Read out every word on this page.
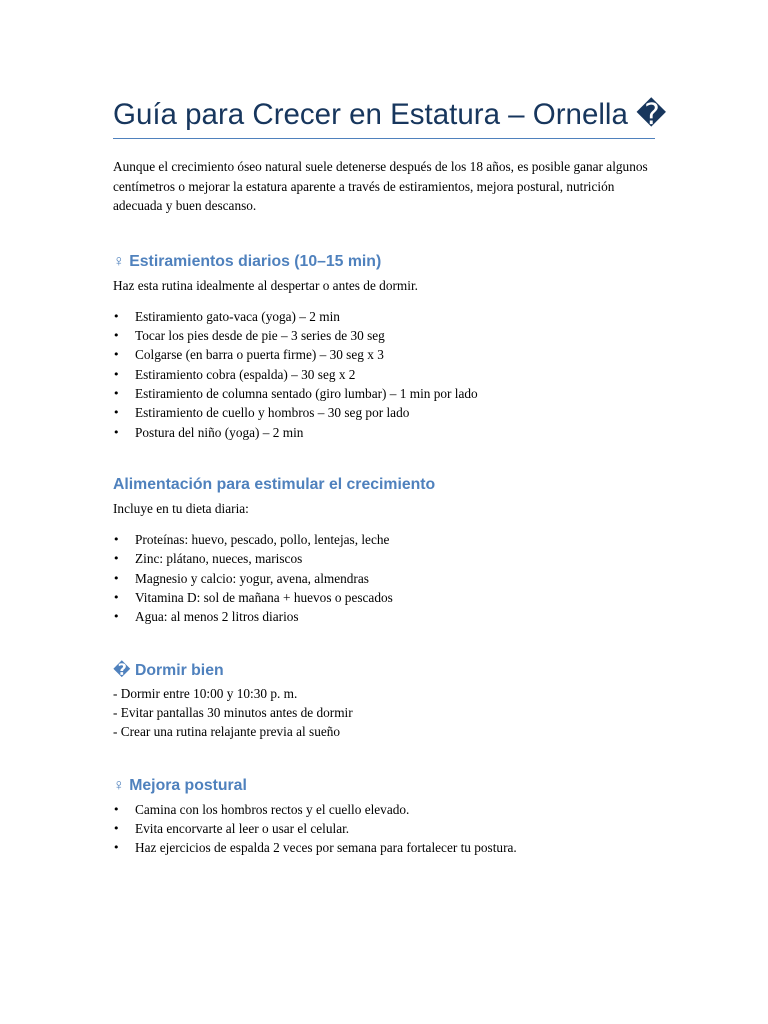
Guía para Crecer en Estatura – Ornella �

Aunque el crecimiento óseo natural suele detenerse después de los 18 años, es posible ganar algunos centímetros o mejorar la estatura aparente a través de estiramientos, mejora postural, nutrición adecuada y buen descanso.

♀ Estiramientos diarios (10–15 min)

Haz esta rutina idealmente al despertar o antes de dormir.

• Estiramiento gato-vaca (yoga) – 2 min
• Tocar los pies desde de pie – 3 series de 30 seg
• Colgarse (en barra o puerta firme) – 30 seg x 3
• Estiramiento cobra (espalda) – 30 seg x 2
• Estiramiento de columna sentado (giro lumbar) – 1 min por lado
• Estiramiento de cuello y hombros – 30 seg por lado
• Postura del niño (yoga) – 2 min
Alimentación para estimular el crecimiento

Incluye en tu dieta diaria:

• Proteínas: huevo, pescado, pollo, lentejas, leche
• Zinc: plátano, nueces, mariscos
• Magnesio y calcio: yogur, avena, almendras
• Vitamina D: sol de mañana + huevos o pescados
• Agua: al menos 2 litros diarios
� Dormir bien

- Dormir entre 10:00 y 10:30 p. m.

- Evitar pantallas 30 minutos antes de dormir

- Crear una rutina relajante previa al sueño

♀ Mejora postural
• Camina con los hombros rectos y el cuello elevado.
• Evita encorvarte al leer o usar el celular.
• Haz ejercicios de espalda 2 veces por semana para fortalecer tu postura.
